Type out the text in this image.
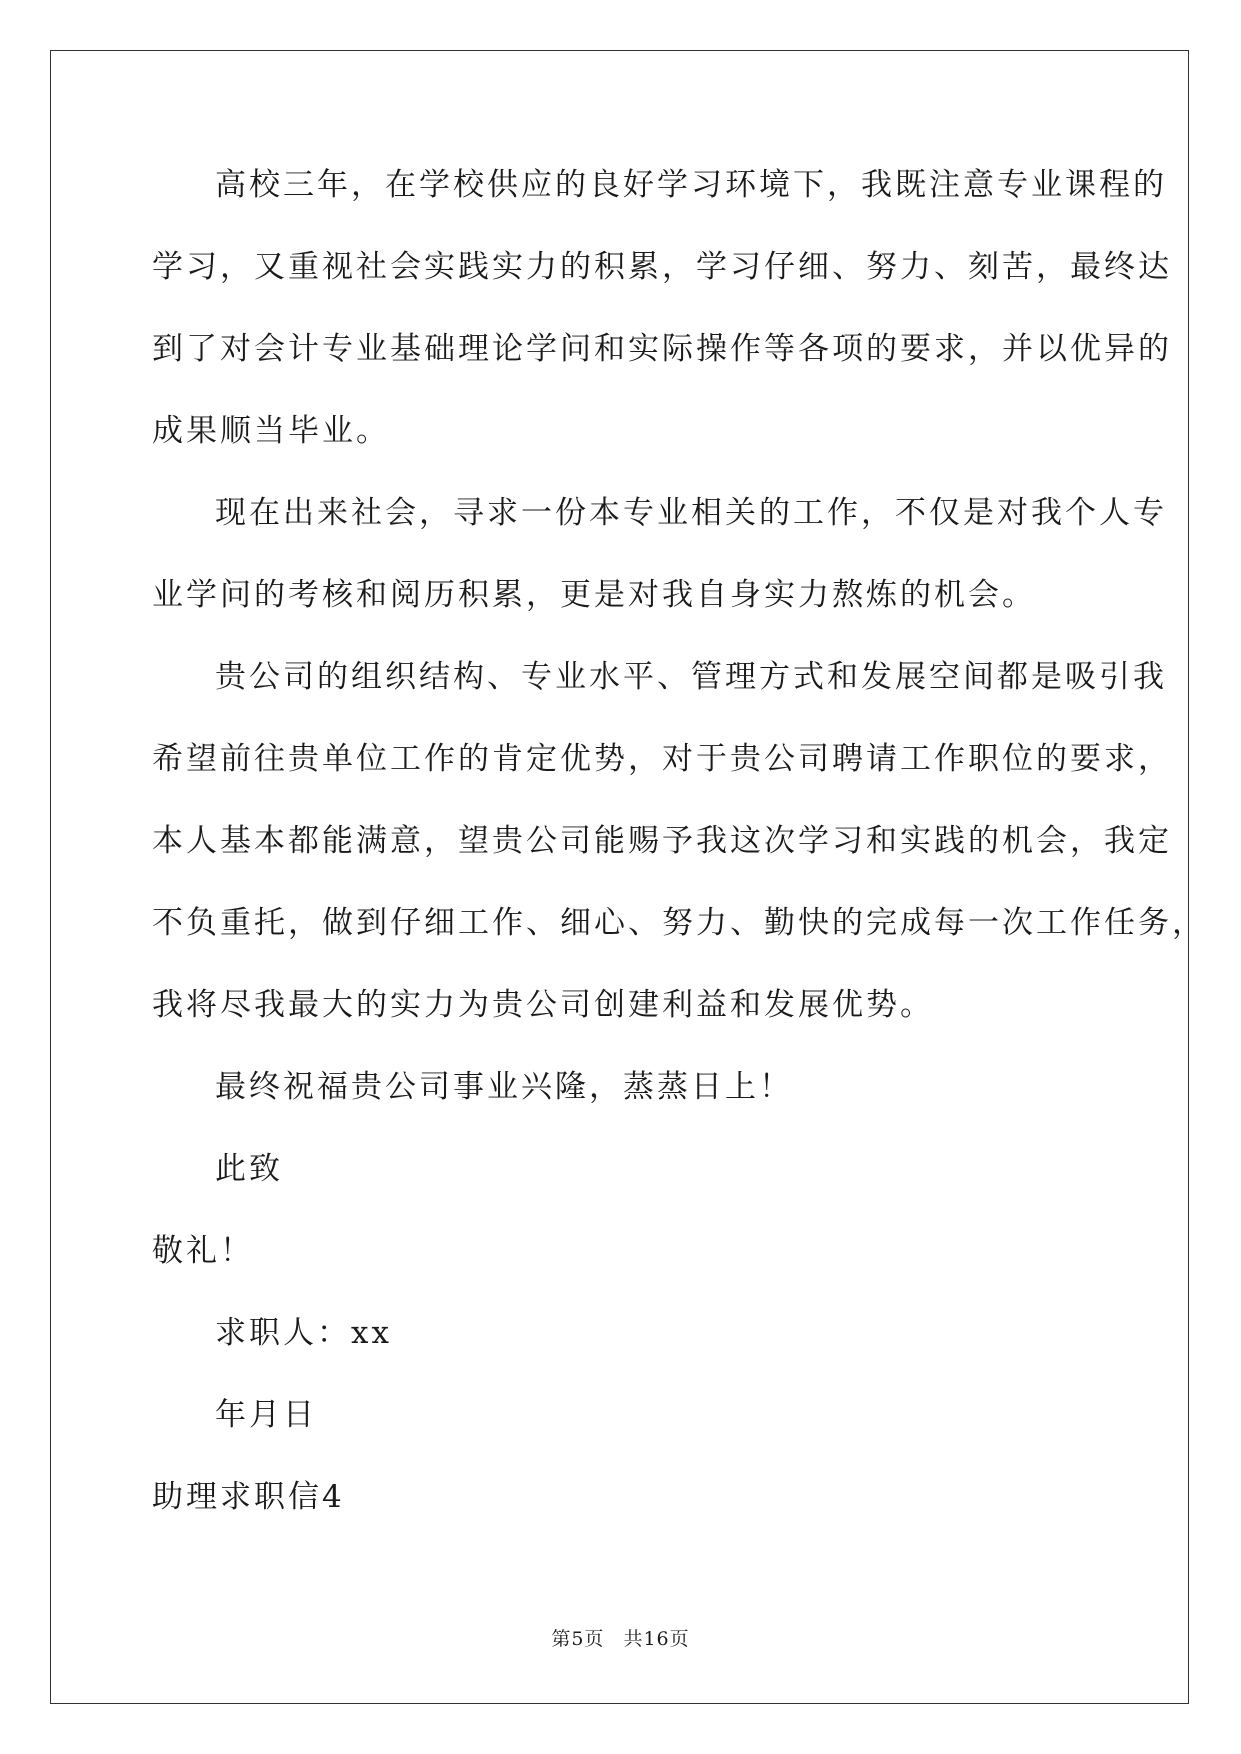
高校三年，在学校供应的良好学习环境下，我既注意专业课程的
学习，又重视社会实践实力的积累，学习仔细、努力、刻苦，最终达
到了对会计专业基础理论学问和实际操作等各项的要求，并以优异的
成果顺当毕业。
现在出来社会，寻求一份本专业相关的工作，不仅是对我个人专
业学问的考核和阅历积累，更是对我自身实力熬炼的机会。
贵公司的组织结构、专业水平、管理方式和发展空间都是吸引我
希望前往贵单位工作的肯定优势，对于贵公司聘请工作职位的要求，
本人基本都能满意，望贵公司能赐予我这次学习和实践的机会，我定
不负重托，做到仔细工作、细心、努力、勤快的完成每一次工作任务，
我将尽我最大的实力为贵公司创建利益和发展优势。
最终祝福贵公司事业兴隆，蒸蒸日上！
此致
敬礼！
求职人：xx
年月日
助理求职信4
第5页 共16页
